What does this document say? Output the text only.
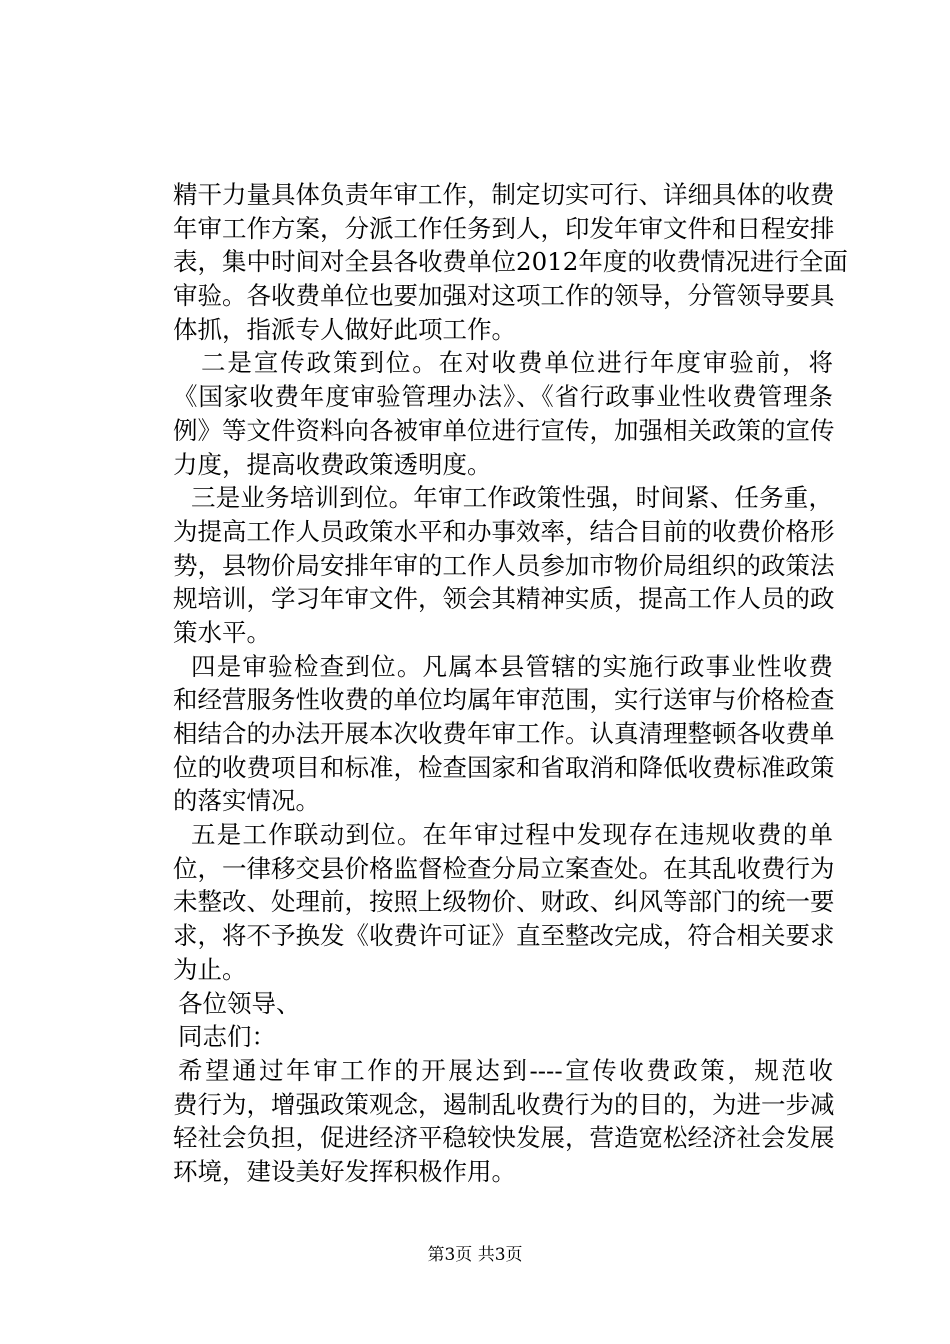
精干力量具体负责年审工作，制定切实可行、详细具体的收费
年审工作方案，分派工作任务到人，印发年审文件和日程安排
表，集中时间对全县各收费单位2012年度的收费情况进行全面
审验。各收费单位也要加强对这项工作的领导，分管领导要具
体抓，指派专人做好此项工作。
二是宣传政策到位。在对收费单位进行年度审验前，将
《国家收费年度审验管理办法》、《省行政事业性收费管理条
例》等文件资料向各被审单位进行宣传，加强相关政策的宣传
力度，提高收费政策透明度。
三是业务培训到位。年审工作政策性强，时间紧、任务重，
为提高工作人员政策水平和办事效率，结合目前的收费价格形
势，县物价局安排年审的工作人员参加市物价局组织的政策法
规培训，学习年审文件，领会其精神实质，提高工作人员的政
策水平。
四是审验检查到位。凡属本县管辖的实施行政事业性收费
和经营服务性收费的单位均属年审范围，实行送审与价格检查
相结合的办法开展本次收费年审工作。认真清理整顿各收费单
位的收费项目和标准，检查国家和省取消和降低收费标准政策
的落实情况。
五是工作联动到位。在年审过程中发现存在违规收费的单
位，一律移交县价格监督检查分局立案查处。在其乱收费行为
未整改、处理前，按照上级物价、财政、纠风等部门的统一要
求，将不予换发《收费许可证》直至整改完成，符合相关要求
为止。
各位领导、
同志们：
希望通过年审工作的开展达到----宣传收费政策，规范收
费行为，增强政策观念，遏制乱收费行为的目的，为进一步减
轻社会负担，促进经济平稳较快发展，营造宽松经济社会发展
环境，建设美好发挥积极作用。
第3页 共3页
